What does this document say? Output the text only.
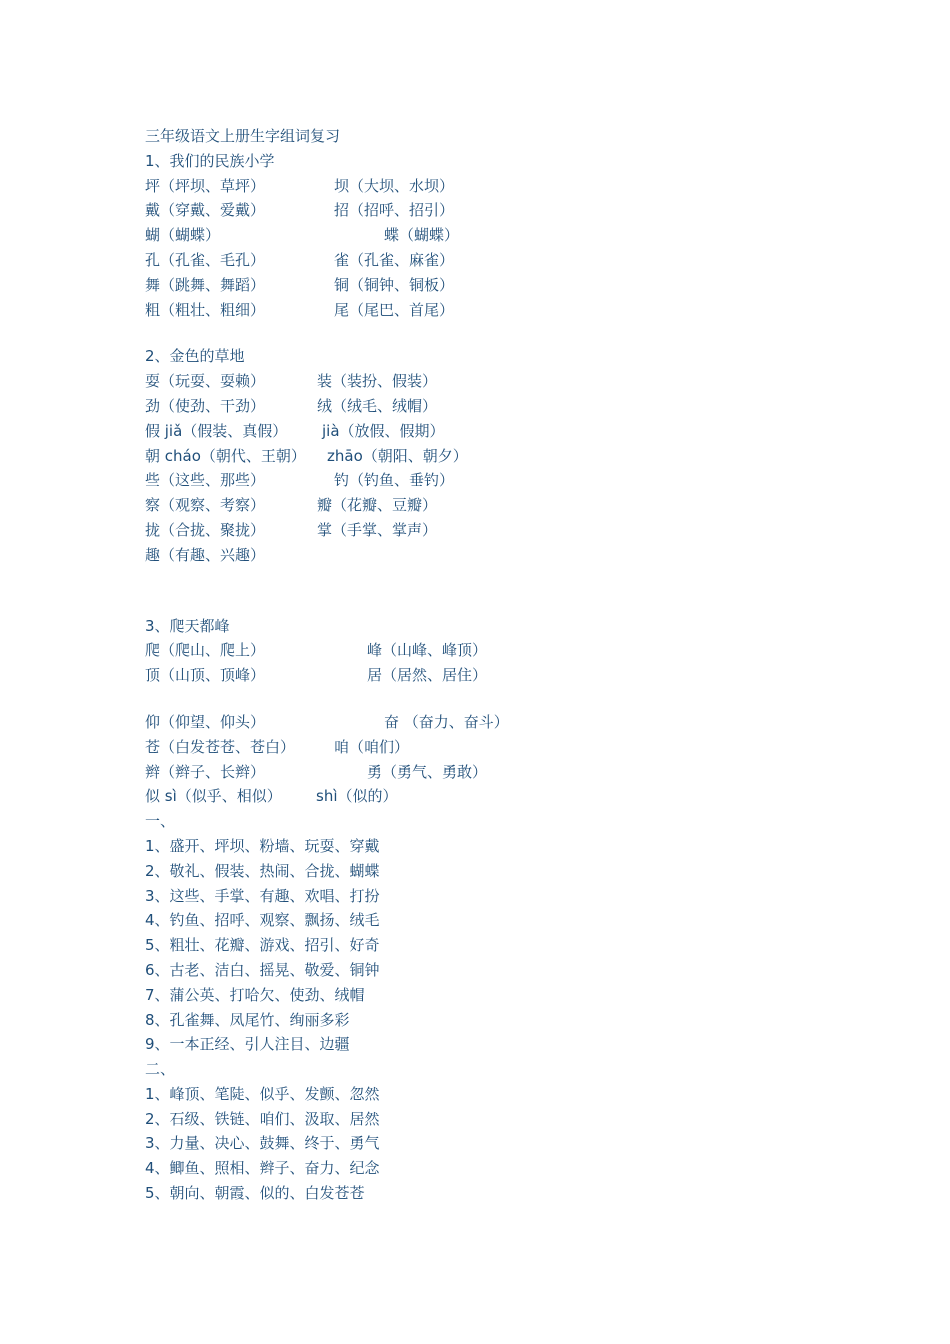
三年级语文上册生字组词复习
1、我们的民族小学
坪（坪坝、草坪）	坝（大坝、水坝）
戴（穿戴、爱戴）	招（招呼、招引）
蝴（蝴蝶）	蝶（蝴蝶）
孔（孔雀、毛孔）	雀（孔雀、麻雀）
舞（跳舞、舞蹈）	铜（铜钟、铜板）
粗（粗壮、粗细）	尾（尾巴、首尾）
2、金色的草地
耍（玩耍、耍赖）	装（装扮、假装）
劲（使劲、干劲）	绒（绒毛、绒帽）
假 jiǎ（假装、真假） jià（放假、假期）
朝 cháo（朝代、王朝） zhāo（朝阳、朝夕）
些（这些、那些）	钓（钓鱼、垂钓）
察（观察、考察）	瓣（花瓣、豆瓣）
拢（合拢、聚拢）	掌（手掌、掌声）
趣（有趣、兴趣）
3、爬天都峰
爬（爬山、爬上）	峰（山峰、峰顶）
顶（山顶、顶峰）	居（居然、居住）
仰（仰望、仰头）	奋 （奋力、奋斗）
苍（白发苍苍、苍白）	咱（咱们）
辫（辫子、长辫）	勇（勇气、勇敢）
似 sì（似乎、相似） shì（似的）
一、
1、盛开、坪坝、粉墙、玩耍、穿戴
2、敬礼、假装、热闹、合拢、蝴蝶
3、这些、手掌、有趣、欢唱、打扮
4、钓鱼、招呼、观察、飘扬、绒毛
5、粗壮、花瓣、游戏、招引、好奇
6、古老、洁白、摇晃、敬爱、铜钟
7、蒲公英、打哈欠、使劲、绒帽
8、孔雀舞、凤尾竹、绚丽多彩
9、一本正经、引人注目、边疆
二、
1、峰顶、笔陡、似乎、发颤、忽然
2、石级、铁链、咱们、汲取、居然
3、力量、决心、鼓舞、终于、勇气
4、鲫鱼、照相、辫子、奋力、纪念
5、朝向、朝霞、似的、白发苍苍
